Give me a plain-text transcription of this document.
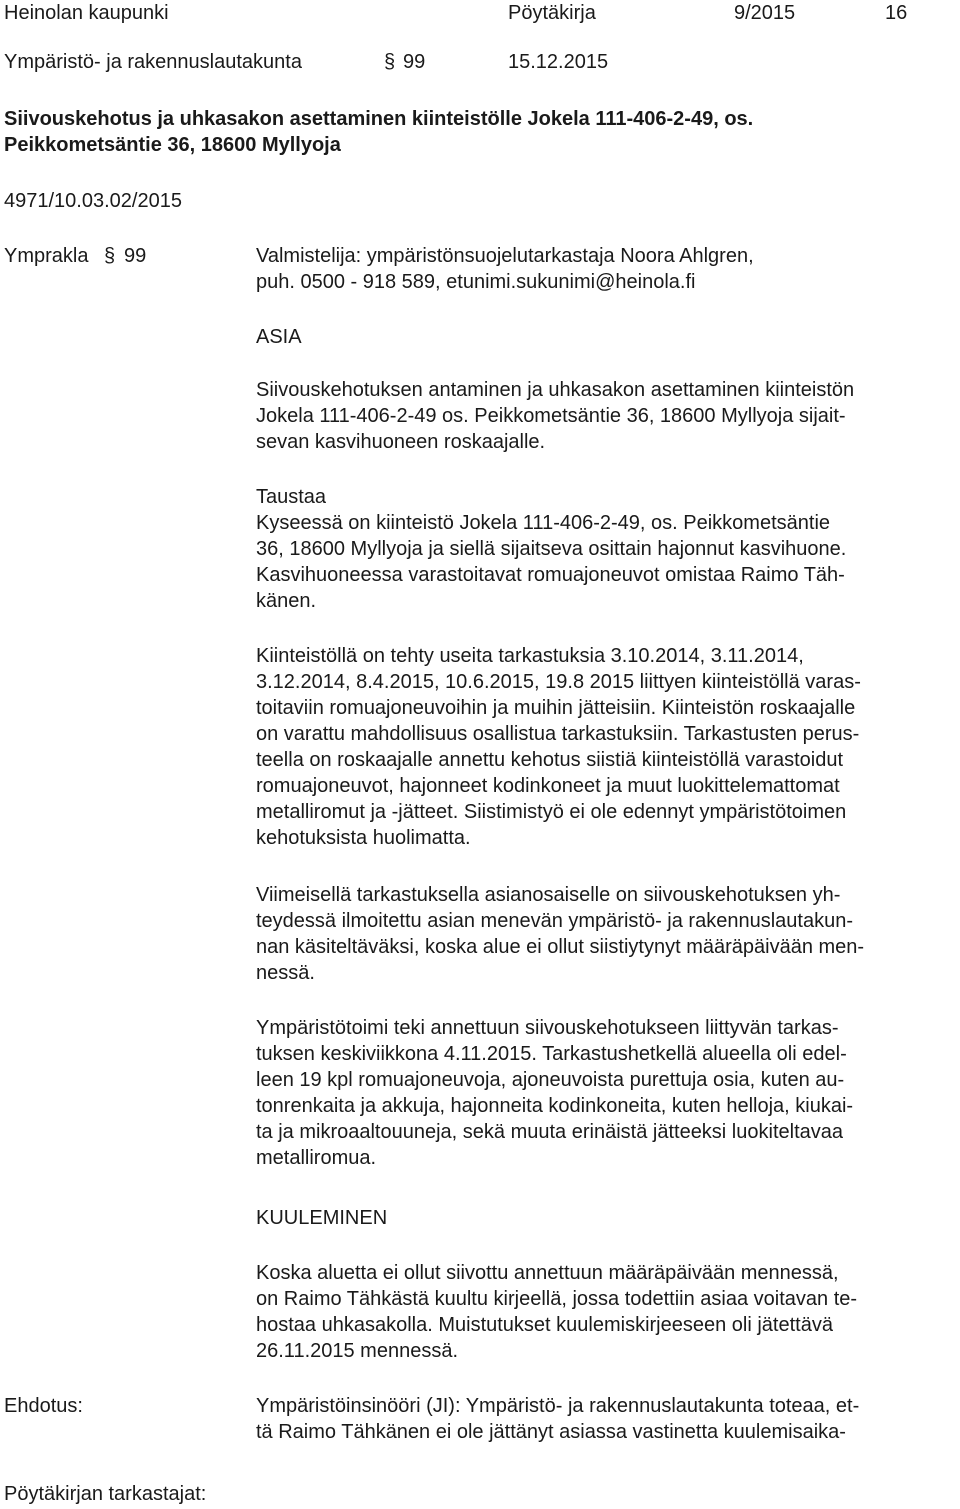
Heinolan kaupunki	Pöytäkirja	9/2015	16
Ympäristö- ja rakennuslautakunta	§ 99	15.12.2015
Siivouskehotus ja uhkasakon asettaminen kiinteistölle Jokela 111-406-2-49, os.
Peikkometsäntie 36, 18600 Myllyoja
4971/10.03.02/2015
Ymprakla § 99	Valmistelija: ympäristönsuojelutarkastaja Noora Ahlgren,
puh. 0500 - 918 589, etunimi.sukunimi@heinola.fi
ASIA

Siivouskehotuksen antaminen ja uhkasakon asettaminen kiinteistön
Jokela 111-406-2-49 os. Peikkometsäntie 36, 18600 Myllyoja sijait-
sevan kasvihuoneen roskaajalle.

Taustaa

Kyseessä on kiinteistö Jokela 111-406-2-49, os. Peikkometsäntie
36, 18600 Myllyoja ja siellä sijaitseva osittain hajonnut kasvihuone.
Kasvihuoneessa varastoitavat romuajoneuvot omistaa Raimo Täh-
känen.

Kiinteistöllä on tehty useita tarkastuksia 3.10.2014, 3.11.2014,
3.12.2014, 8.4.2015, 10.6.2015, 19.8 2015 liittyen kiinteistöllä varas-
toitaviin romuajoneuvoihin ja muihin jätteisiin. Kiinteistön roskaajalle
on varattu mahdollisuus osallistua tarkastuksiin. Tarkastusten perus-
teella on roskaajalle annettu kehotus siistiä kiinteistöllä varastoidut
romuajoneuvot, hajonneet kodinkoneet ja muut luokittelemattomat
metalliromut ja -jätteet. Siistimistyö ei ole edennyt ympäristötoimen
kehotuksista huolimatta.

Viimeisellä tarkastuksella asianosaiselle on siivouskehotuksen yh-
teydessä ilmoitettu asian menevän ympäristö- ja rakennuslautakun-
nan käsiteltäväksi, koska alue ei ollut siistiytynyt määräpäivään men-
nessä.

Ympäristötoimi teki annettuun siivouskehotukseen liittyvän tarkas-
tuksen keskiviikkona 4.11.2015. Tarkastushetkellä alueella oli edel-
leen 19 kpl romuajoneuvoja, ajoneuvoista purettuja osia, kuten au-
tonrenkaita ja akkuja, hajonneita kodinkoneita, kuten helloja, kiukai-
ta ja mikroaaltouuneja, sekä muuta erinäistä jätteeksi luokiteltavaa
metalliromua.

KUULEMINEN

Koska aluetta ei ollut siivottu annettuun määräpäivään mennessä,
on Raimo Tähkästä kuultu kirjeellä, jossa todettiin asiaa voitavan te-
hostaa uhkasakolla. Muistutukset kuulemiskirjeeseen oli jätettävä
26.11.2015 mennessä.

Ehdotus:	Ympäristöinsinööri (JI): Ympäristö- ja rakennuslautakunta toteaa, et-
tä Raimo Tähkänen ei ole jättänyt asiassa vastinetta kuulemisaika-

Pöytäkirjan tarkastajat:
